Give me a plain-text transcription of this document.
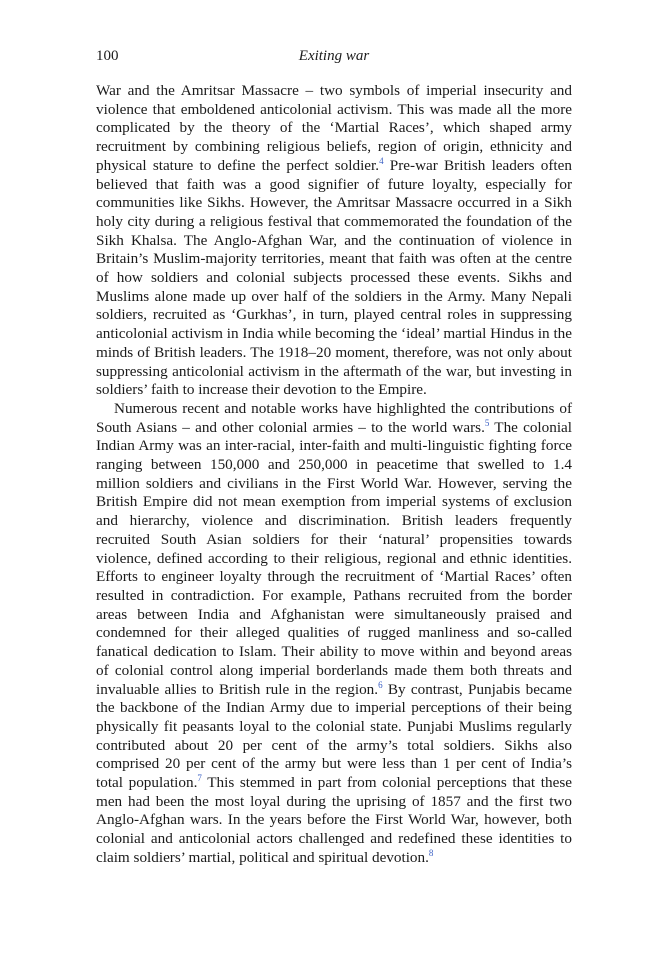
100	Exiting war

War and the Amritsar Massacre – two symbols of imperial insecurity and violence that emboldened anticolonial activism. This was made all the more complicated by the theory of the ‘Martial Races’, which shaped army recruitment by combining religious beliefs, region of origin, ethnicity and physical stature to define the perfect soldier.$^4$ Pre-war British leaders often believed that faith was a good signifier of future loyalty, especially for communities like Sikhs. However, the Amritsar Massacre occurred in a Sikh holy city during a religious festival that commemorated the foundation of the Sikh Khalsa. The Anglo-Afghan War, and the continuation of violence in Britain’s Muslim-majority territories, meant that faith was often at the centre of how soldiers and colonial subjects processed these events. Sikhs and Muslims alone made up over half of the soldiers in the Army. Many Nepali soldiers, recruited as ‘Gurkhas’, in turn, played central roles in suppressing anticolonial activism in India while becoming the ‘ideal’ martial Hindus in the minds of British leaders. The 1918–20 moment, therefore, was not only about suppressing anticolonial activism in the aftermath of the war, but investing in soldiers’ faith to increase their devotion to the Empire.

Numerous recent and notable works have highlighted the contributions of South Asians – and other colonial armies – to the world wars.$^5$ The colonial Indian Army was an inter-racial, inter-faith and multi-linguistic fighting force ranging between 150,000 and 250,000 in peacetime that swelled to 1.4 million soldiers and civilians in the First World War. However, serving the British Empire did not mean exemption from imperial systems of exclusion and hierarchy, violence and discrimination. British leaders frequently recruited South Asian soldiers for their ‘natural’ propensities towards violence, defined according to their religious, regional and ethnic identities. Efforts to engineer loyalty through the recruitment of ‘Martial Races’ often resulted in contradiction. For example, Pathans recruited from the border areas between India and Afghanistan were simultaneously praised and condemned for their alleged qualities of rugged manliness and so-called fanatical dedication to Islam. Their ability to move within and beyond areas of colonial control along imperial borderlands made them both threats and invaluable allies to British rule in the region.$^6$ By contrast, Punjabis became the backbone of the Indian Army due to imperial perceptions of their being physically fit peasants loyal to the colonial state. Punjabi Muslims regularly contributed about 20 per cent of the army’s total soldiers. Sikhs also comprised 20 per cent of the army but were less than 1 per cent of India’s total population.$^7$ This stemmed in part from colonial perceptions that these men had been the most loyal during the uprising of 1857 and the first two Anglo-Afghan wars. In the years before the First World War, however, both colonial and anticolonial actors challenged and redefined these identities to claim soldiers’ martial, political and spiritual devotion.$^8$
